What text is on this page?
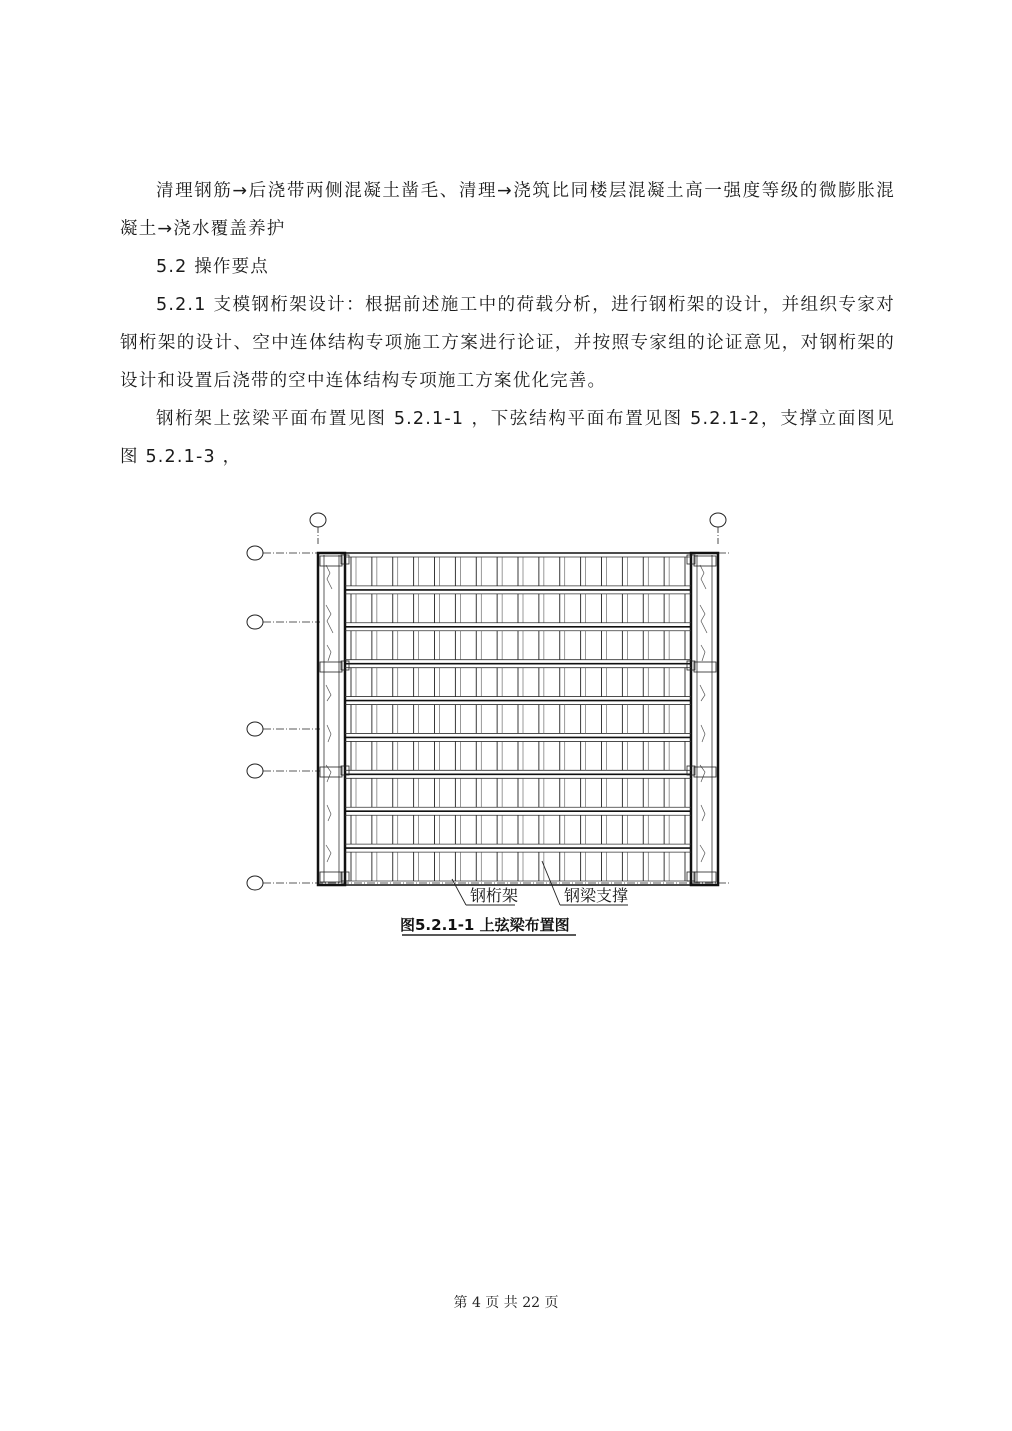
清理钢筋→后浇带两侧混凝土凿毛、清理→浇筑比同楼层混凝土高一强度等级的微膨胀混凝土→浇水覆盖养护

5.2 操作要点

5.2.1 支模钢桁架设计：根据前述施工中的荷载分析，进行钢桁架的设计，并组织专家对钢桁架的设计、空中连体结构专项施工方案进行论证，并按照专家组的论证意见，对钢桁架的设计和设置后浇带的空中连体结构专项施工方案优化完善。

钢桁架上弦梁平面布置见图 5.2.1-1 ，下弦结构平面布置见图 5.2.1-2，支撑立面图见图 5.2.1-3 ，

钢桁架	钢梁支撑
图5.2.1-1 上弦梁布置图
第 4 页 共 22 页
